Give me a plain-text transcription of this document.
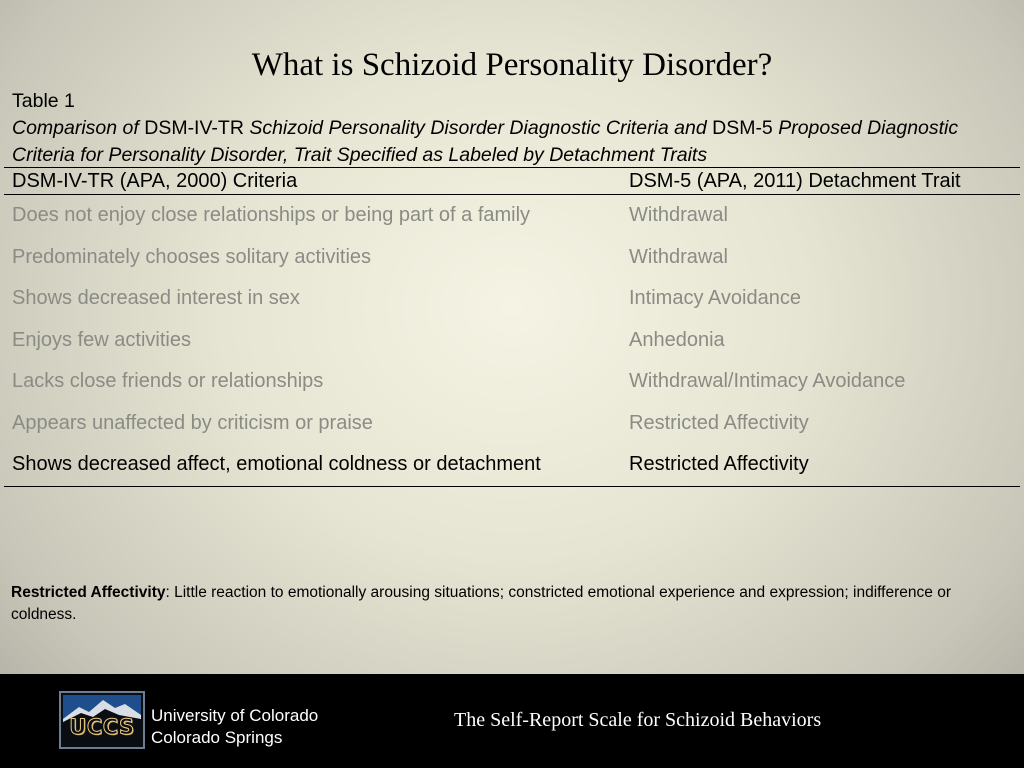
What is Schizoid Personality Disorder?
Table 1
Comparison of DSM-IV-TR Schizoid Personality Disorder Diagnostic Criteria and DSM-5 Proposed Diagnostic Criteria for Personality Disorder, Trait Specified as Labeled by Detachment Traits
DSM-IV-TR (APA, 2000) Criteria	DSM-5 (APA, 2011) Detachment Trait
Does not enjoy close relationships or being part of a family	Withdrawal
Predominately chooses solitary activities	Withdrawal
Shows decreased interest in sex	Intimacy Avoidance
Enjoys few activities	Anhedonia
Lacks close friends or relationships	Withdrawal/Intimacy Avoidance
Appears unaffected by criticism or praise	Restricted Affectivity
Shows decreased affect, emotional coldness or detachment	Restricted Affectivity
Restricted Affectivity: Little reaction to emotionally arousing situations; constricted emotional experience and expression; indifference or coldness.
UCCS University of Colorado
Colorado Springs
The Self-Report Scale for Schizoid Behaviors
